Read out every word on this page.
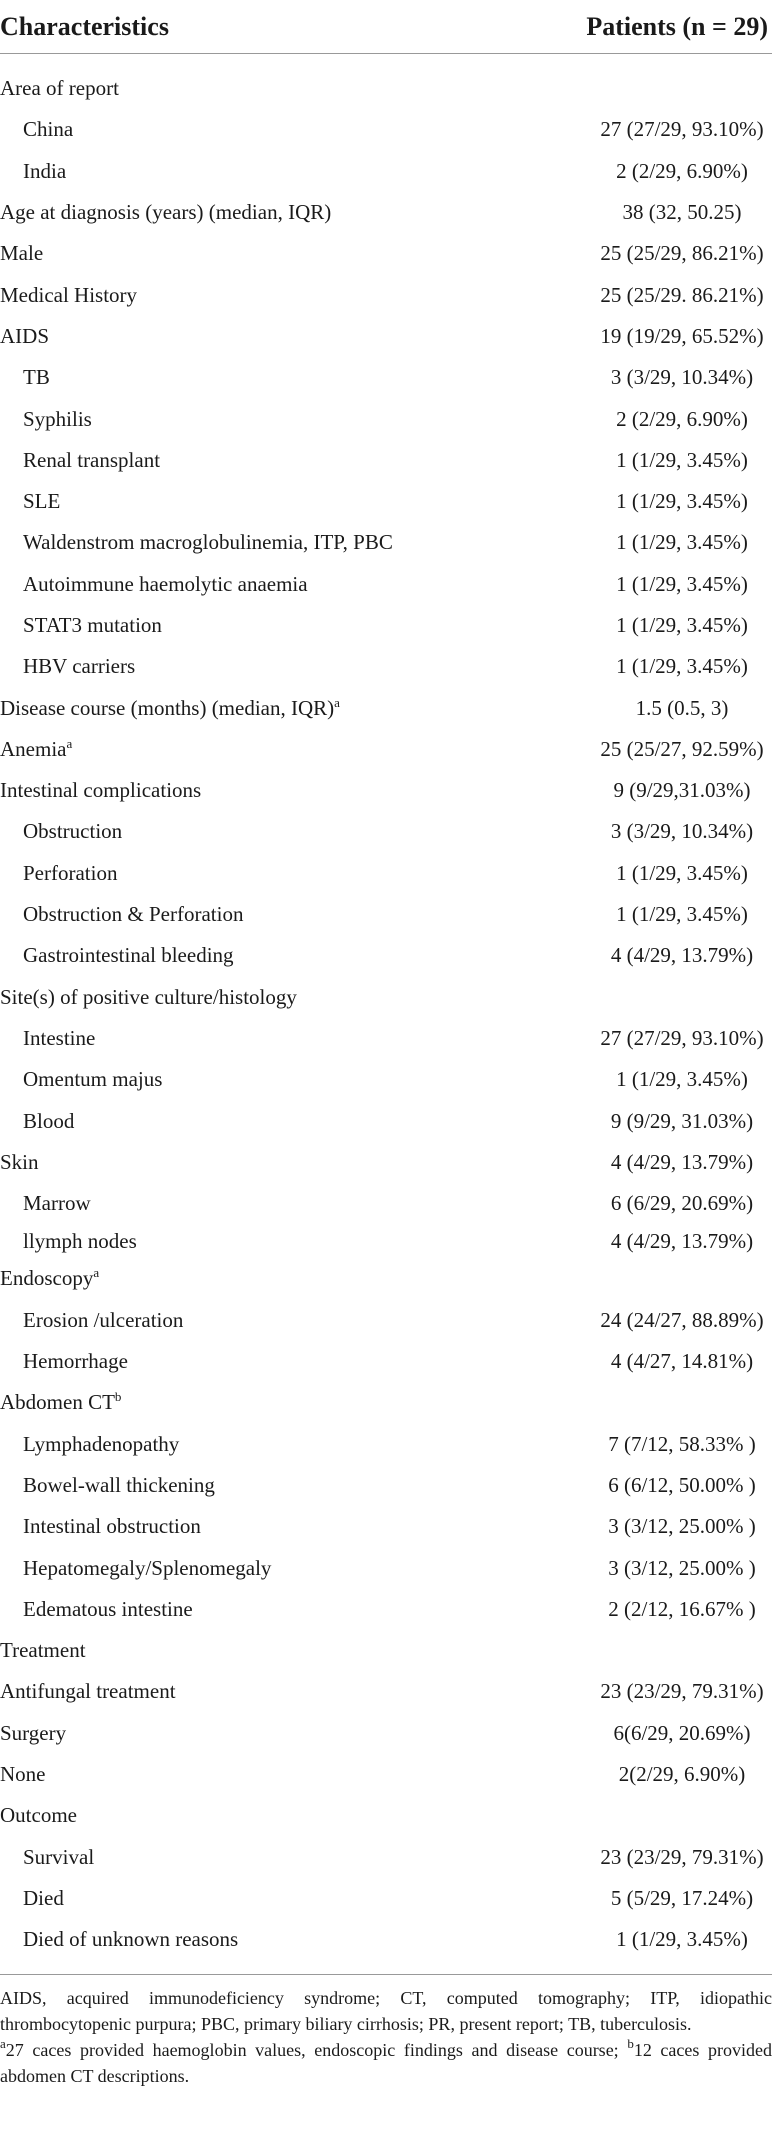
Characteristics	Patients (n = 29)
Area of report
China	27 (27/29, 93.10%)
India	2 (2/29, 6.90%)
Age at diagnosis (years) (median, IQR)	38 (32, 50.25)
Male	25 (25/29, 86.21%)
Medical History	25 (25/29. 86.21%)
AIDS	19 (19/29, 65.52%)
TB	3 (3/29, 10.34%)
Syphilis	2 (2/29, 6.90%)
Renal transplant	1 (1/29, 3.45%)
SLE	1 (1/29, 3.45%)
Waldenstrom macroglobulinemia, ITP, PBC	1 (1/29, 3.45%)
Autoimmune haemolytic anaemia	1 (1/29, 3.45%)
STAT3 mutation	1 (1/29, 3.45%)
HBV carriers	1 (1/29, 3.45%)
Disease course (months) (median, IQR)$^a$	1.5 (0.5, 3)
Anemia$^a$	25 (25/27, 92.59%)
Intestinal complications	9 (9/29,31.03%)
Obstruction	3 (3/29, 10.34%)
Perforation	1 (1/29, 3.45%)
Obstruction & Perforation	1 (1/29, 3.45%)
Gastrointestinal bleeding	4 (4/29, 13.79%)
Site(s) of positive culture/histology
Intestine	27 (27/29, 93.10%)
Omentum majus	1 (1/29, 3.45%)
Blood	9 (9/29, 31.03%)
Skin	4 (4/29, 13.79%)
Marrow	6 (6/29, 20.69%)
llymph nodes	4 (4/29, 13.79%)
Endoscopy$^a$
Erosion /ulceration	24 (24/27, 88.89%)
Hemorrhage	4 (4/27, 14.81%)
Abdomen $CT^b$
Lymphadenopathy	7 (7/12, 58.33% )
Bowel-wall thickening	6 (6/12, 50.00% )
Intestinal obstruction	3 (3/12, 25.00% )
Hepatomegaly/Splenomegaly	3 (3/12, 25.00% )
Edematous intestine	2 (2/12, 16.67% )
Treatment
Antifungal treatment	23 (23/29, 79.31%)
Surgery	6(6/29, 20.69%)
None	2(2/29, 6.90%)
Outcome
Survival	23 (23/29, 79.31%)
Died	5 (5/29, 17.24%)
Died of unknown reasons	1 (1/29, 3.45%)

AIDS, acquired immunodeficiency syndrome; CT, computed tomography; ITP, idiopathic thrombocytopenic purpura; PBC, primary biliary cirrhosis; PR, present report; TB, tuberculosis.

$^a$27 caces provided haemoglobin values, endoscopic findings and disease course; $^b$12 caces provided abdomen CT descriptions.
